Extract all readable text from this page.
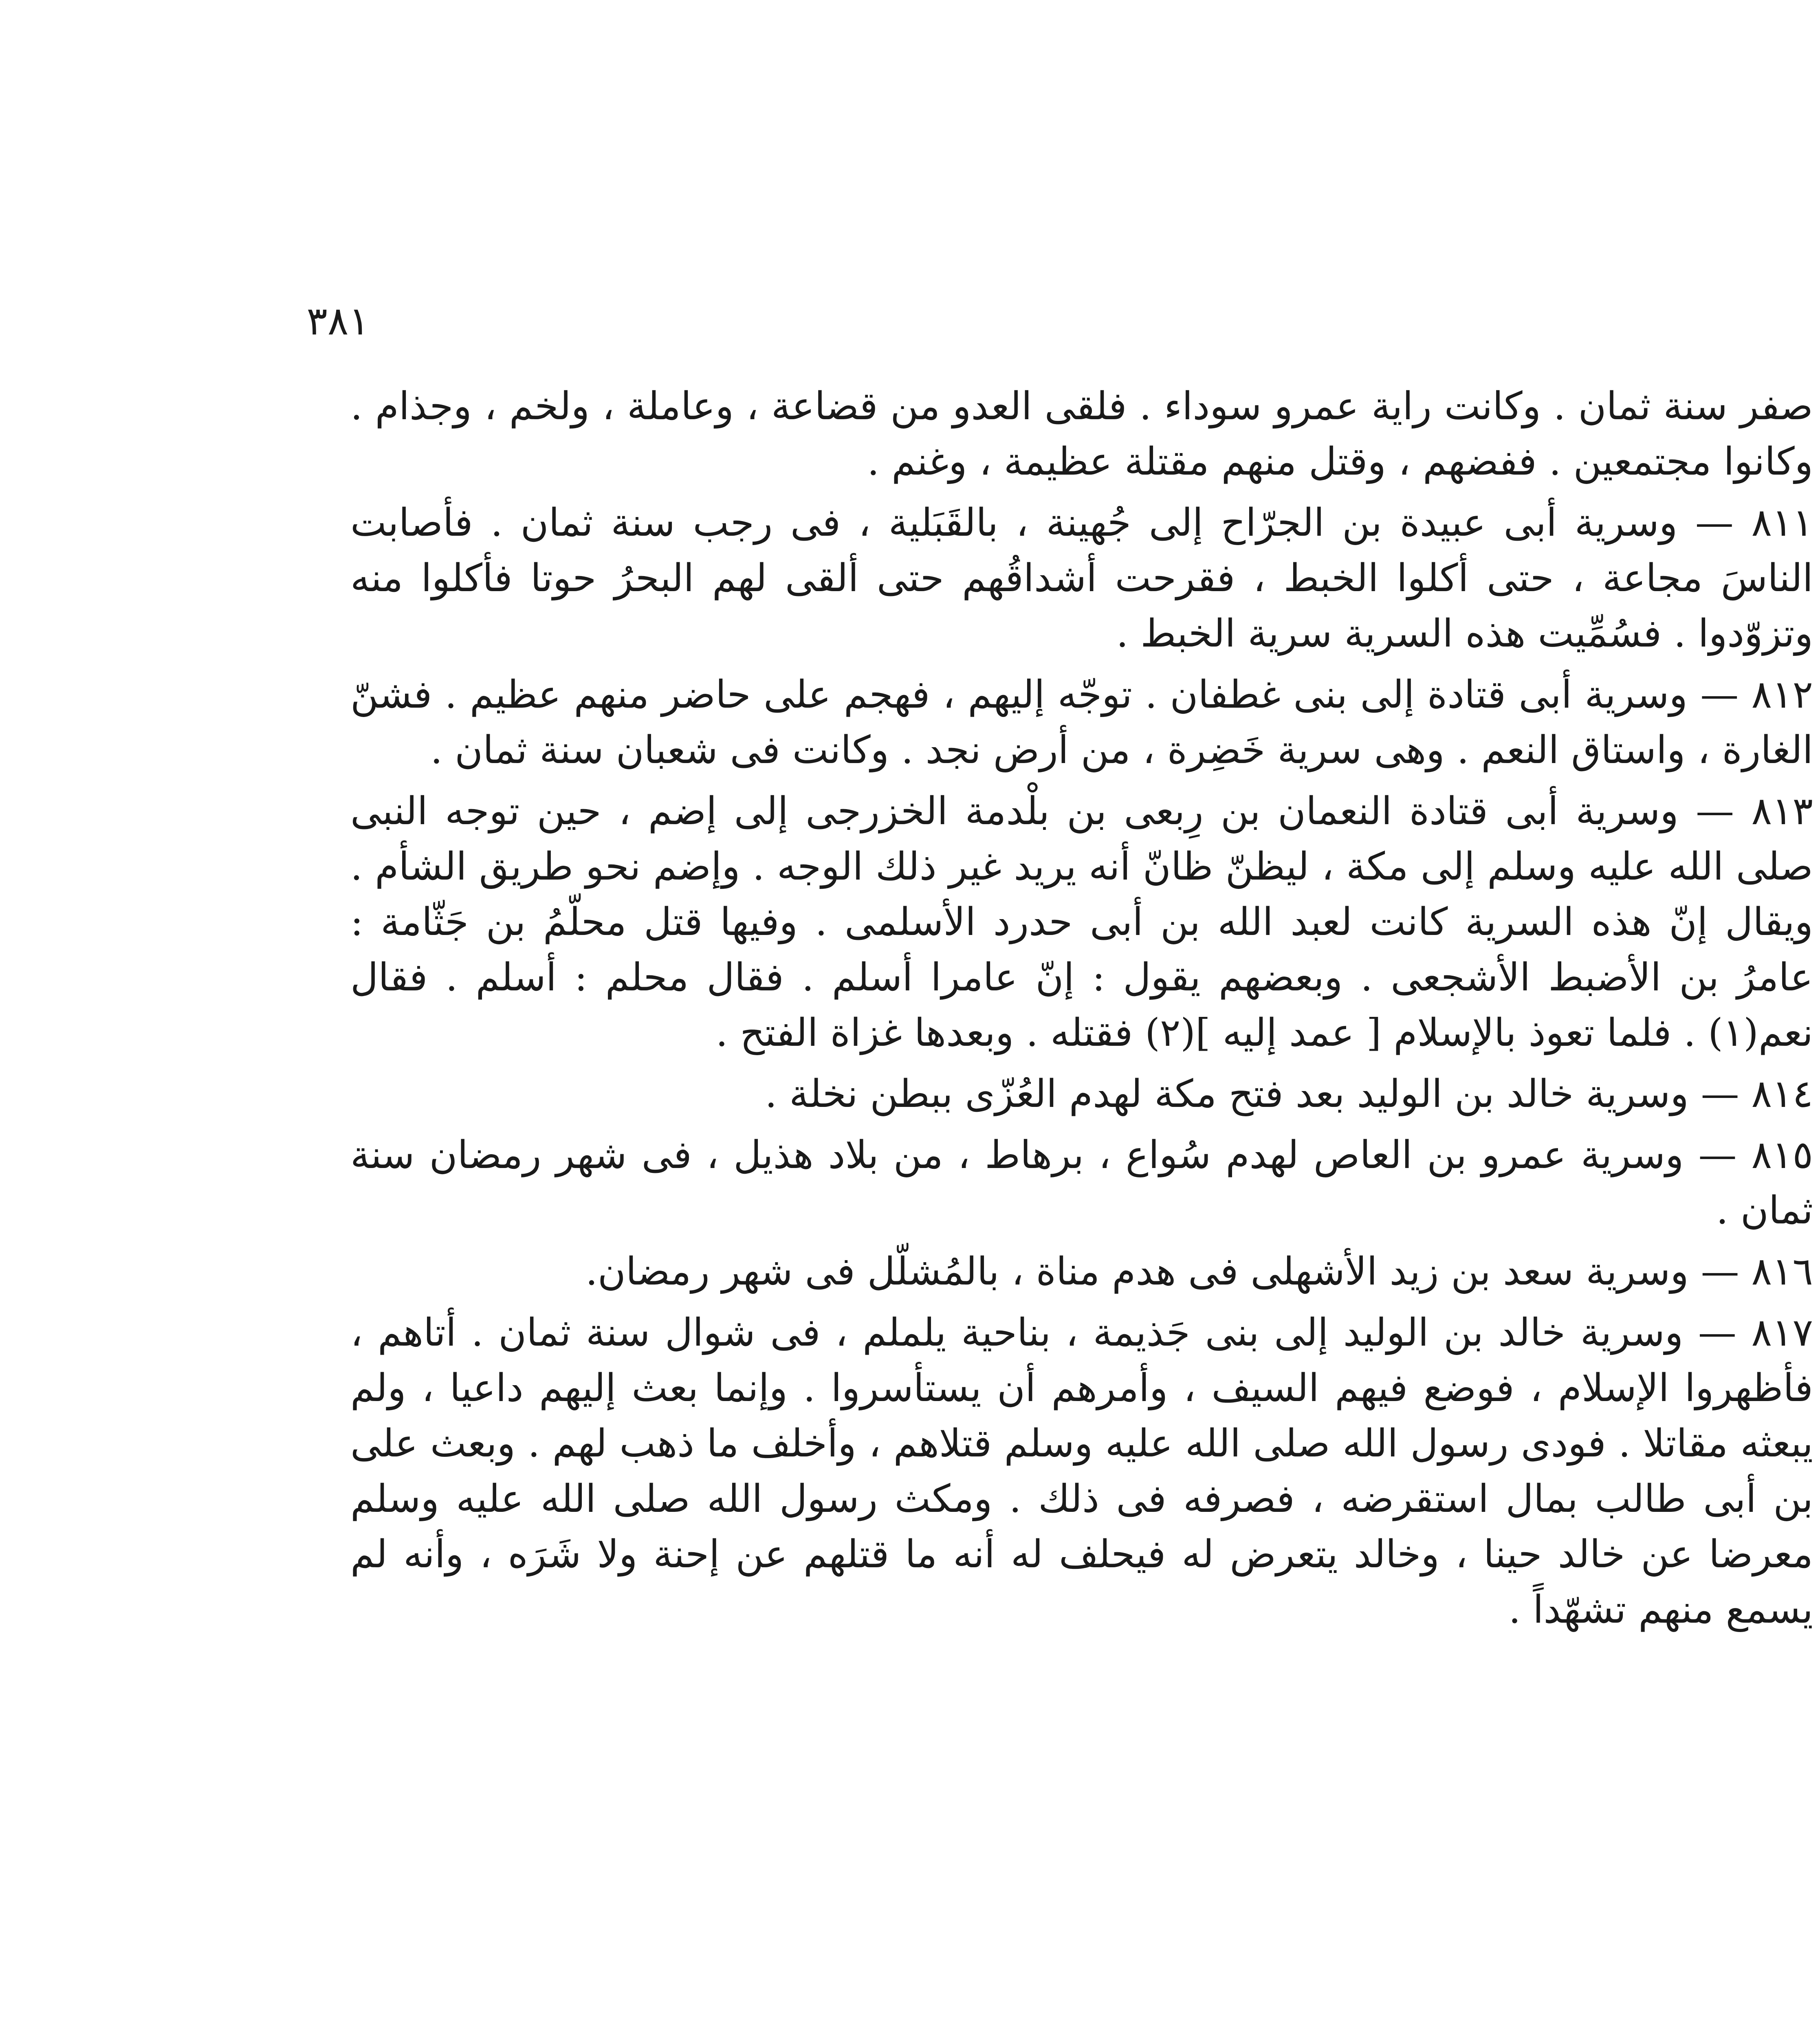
٣٨١

صفر سنة ثمان . وكانت راية عمرو سوداء . فلقى العدو من قضاعة ، وعاملة ، ولخم ، وجذام . وكانوا مجتمعين . ففضهم ، وقتل منهم مقتلة عظيمة ، وغنم .

٨١١ — وسرية أبى عبيدة بن الجرّاح إلى جُهينة ، بالقَبَلية ، فى رجب سنة ثمان . فأصابت الناسَ مجاعة ، حتى أكلوا الخبط ، فقرحت أشداقُهم حتى ألقى لهم البحرُ حوتا فأكلوا منه وتزوّدوا . فسُمِّيت هذه السرية سرية الخبط .

٨١٢ — وسرية أبى قتادة إلى بنى غطفان . توجّه إليهم ، فهجم على حاضر منهم عظيم . فشنّ الغارة ، واستاق النعم . وهى سرية خَضِرة ، من أرض نجد . وكانت فى شعبان سنة ثمان .

٨١٣ — وسرية أبى قتادة النعمان بن رِبعى بن بلْدمة الخزرجى إلى إضم ، حين توجه النبى صلى الله عليه وسلم إلى مكة ، ليظنّ ظانّ أنه يريد غير ذلك الوجه . وإضم نحو طريق الشأم . ويقال إنّ هذه السرية كانت لعبد الله بن أبى حدرد الأسلمى . وفيها قتل محلّمُ بن جَثّامة : عامرُ بن الأضبط الأشجعى . وبعضهم يقول : إنّ عامرا أسلم . فقال محلم : أسلم . فقال نعم(١) . فلما تعوذ بالإسلام [ عمد إليه ](٢) فقتله . وبعدها غزاة الفتح .

٨١٤ — وسرية خالد بن الوليد بعد فتح مكة لهدم العُزّى ببطن نخلة .

٨١٥ — وسرية عمرو بن العاص لهدم سُواع ، برهاط ، من بلاد هذيل ، فى شهر رمضان سنة ثمان .

٨١٦ — وسرية سعد بن زيد الأشهلى فى هدم مناة ، بالمُشلّل فى شهر رمضان.

٨١٧ — وسرية خالد بن الوليد إلى بنى جَذيمة ، بناحية يلملم ، فى شوال سنة ثمان . أتاهم ، فأظهروا الإسلام ، فوضع فيهم السيف ، وأمرهم أن يستأسروا . وإنما بعث إليهم داعيا ، ولم يبعثه مقاتلا . فودى رسول الله صلى الله عليه وسلم قتلاهم ، وأخلف ما ذهب لهم . وبعث على بن أبى طالب بمال استقرضه ، فصرفه فى ذلك . ومكث رسول الله صلى الله عليه وسلم معرضا عن خالد حينا ، وخالد يتعرض له فيحلف له أنه ما قتلهم عن إحنة ولا شَرَه ، وأنه لم يسمع منهم تشهّداً .
